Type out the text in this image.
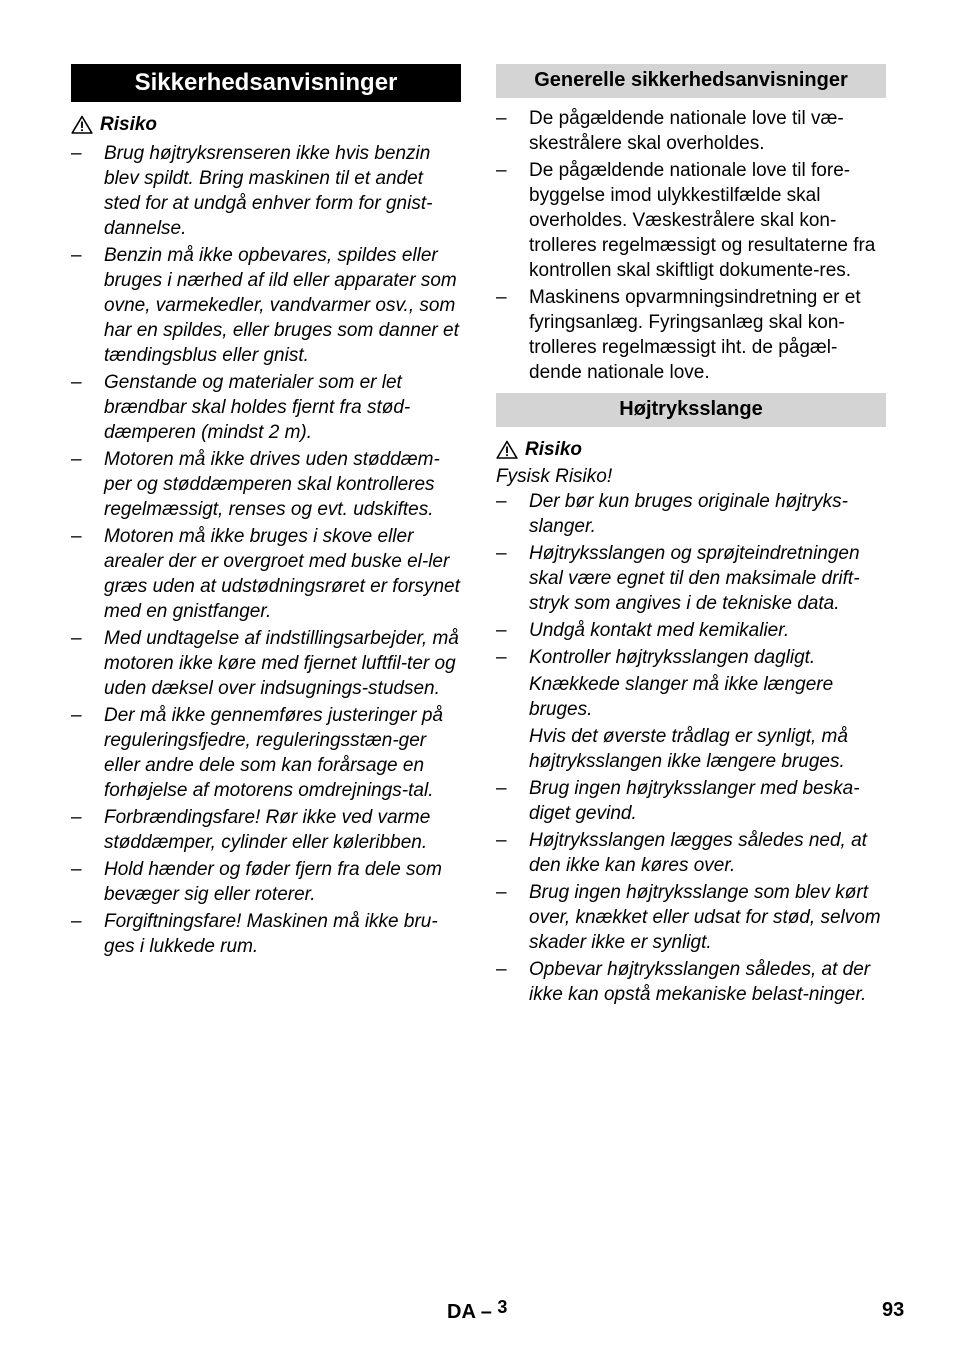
Sikkerhedsanvisninger
Risiko
– Brug højtryksrenseren ikke hvis benzin blev spildt. Bring maskinen til et andet sted for at undgå enhver form for gnist-dannelse.
– Benzin må ikke opbevares, spildes eller bruges i nærhed af ild eller apparater som ovne, varmekedler, vandvarmer osv., som har en spildes, eller bruges som danner et tændingsblus eller gnist.
– Genstande og materialer som er let brændbar skal holdes fjernt fra stød-dæmperen (mindst 2 m).
– Motoren må ikke drives uden støddæm-per og støddæmperen skal kontrolleres regelmæssigt, renses og evt. udskiftes.
– Motoren må ikke bruges i skove eller arealer der er overgroet med buske el-ler græs uden at udstødningsrøret er forsynet med en gnistfanger.
– Med undtagelse af indstillingsarbejder, må motoren ikke køre med fjernet luftfil-ter og uden dæksel over indsugnings-studsen.
– Der må ikke gennemføres justeringer på reguleringsfjedre, reguleringsstæn-ger eller andre dele som kan forårsage en forhøjelse af motorens omdrejnings-tal.
– Forbrændingsfare! Rør ikke ved varme støddæmper, cylinder eller køleribben.
– Hold hænder og føder fjern fra dele som bevæger sig eller roterer.
– Forgiftningsfare! Maskinen må ikke bru-ges i lukkede rum.
Generelle sikkerhedsanvisninger
– De pågældende nationale love til væ-skestrålere skal overholdes.
– De pågældende nationale love til fore-byggelse imod ulykkestilfælde skal overholdes. Væskestrålere skal kon-trolleres regelmæssigt og resultaterne fra kontrollen skal skiftligt dokumente-res.
– Maskinens opvarmningsindretning er et fyringsanlæg. Fyringsanlæg skal kon-trolleres regelmæssigt iht. de pågæl-dende nationale love.
Højtryksslange
Risiko
Fysisk Risiko!
– Der bør kun bruges originale højtryks-slanger.
– Højtryksslangen og sprøjteindretningen skal være egnet til den maksimale drift-stryk som angives i de tekniske data.
– Undgå kontakt med kemikalier.
– Kontroller højtryksslangen dagligt.
Knækkede slanger må ikke længere bruges.
Hvis det øverste trådlag er synligt, må højtryksslangen ikke længere bruges.
– Brug ingen højtryksslanger med beska-diget gevind.
– Højtryksslangen lægges således ned, at den ikke kan køres over.
– Brug ingen højtryksslange som blev kørt over, knækket eller udsat for stød, selvom skader ikke er synligt.
– Opbevar højtryksslangen således, at der ikke kan opstå mekaniske belast-ninger.
DA – $^3$	93
